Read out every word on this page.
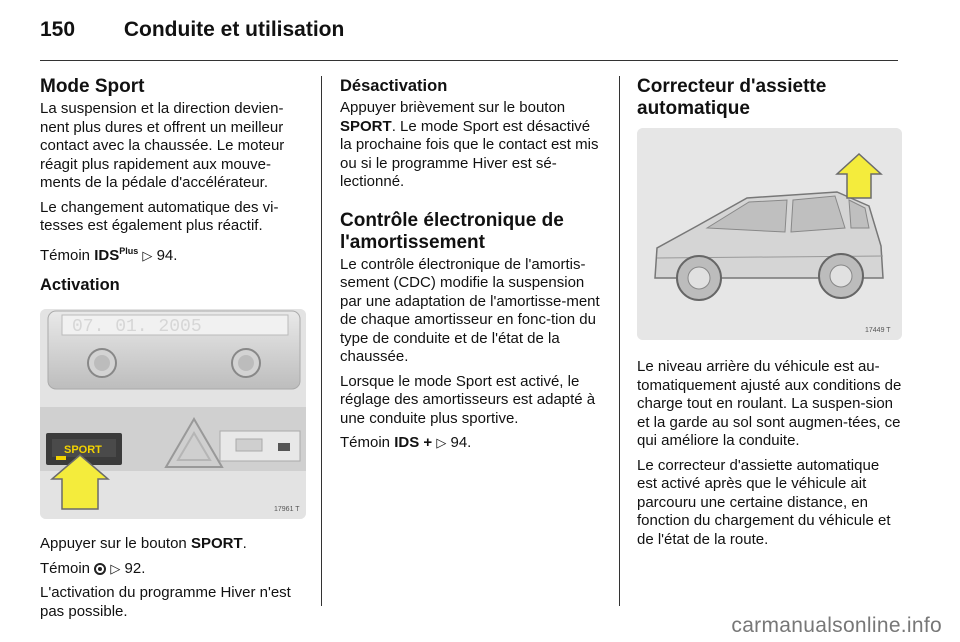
150 Conduite et utilisation
Mode Sport

La suspension et la direction devien-nent plus dures et offrent un meilleur contact avec la chaussée. Le moteur réagit plus rapidement aux mouve-ments de la pédale d'accélérateur.

Le changement automatique des vi-tesses est également plus réactif.

Témoin $IDS^{Plus}$ ▷ 94.

Activation
07. 01. 2005
SPORT
17961 T

Appuyer sur le bouton SPORT.

Témoin ▷ 92.

L'activation du programme Hiver n'est pas possible.

Désactivation

Appuyer brièvement sur le bouton SPORT. Le mode Sport est désactivé la prochaine fois que le contact est mis ou si le programme Hiver est sé-lectionné.

Contrôle électronique de l'amortissement

Le contrôle électronique de l'amortis-sement (CDC) modifie la suspension par une adaptation de l'amortisse-ment de chaque amortisseur en fonc-tion du type de conduite et de l'état de la chaussée.

Lorsque le mode Sport est activé, le réglage des amortisseurs est adapté à une conduite plus sportive.

Témoin IDS + ▷ 94.

Correcteur d'assiette automatique
17449 T

Le niveau arrière du véhicule est au-tomatiquement ajusté aux conditions de charge tout en roulant. La suspen-sion et la garde au sol sont augmen-tées, ce qui améliore la conduite.

Le correcteur d'assiette automatique est activé après que le véhicule ait parcouru une certaine distance, en fonction du chargement du véhicule et de l'état de la route.

carmanualsonline.info
